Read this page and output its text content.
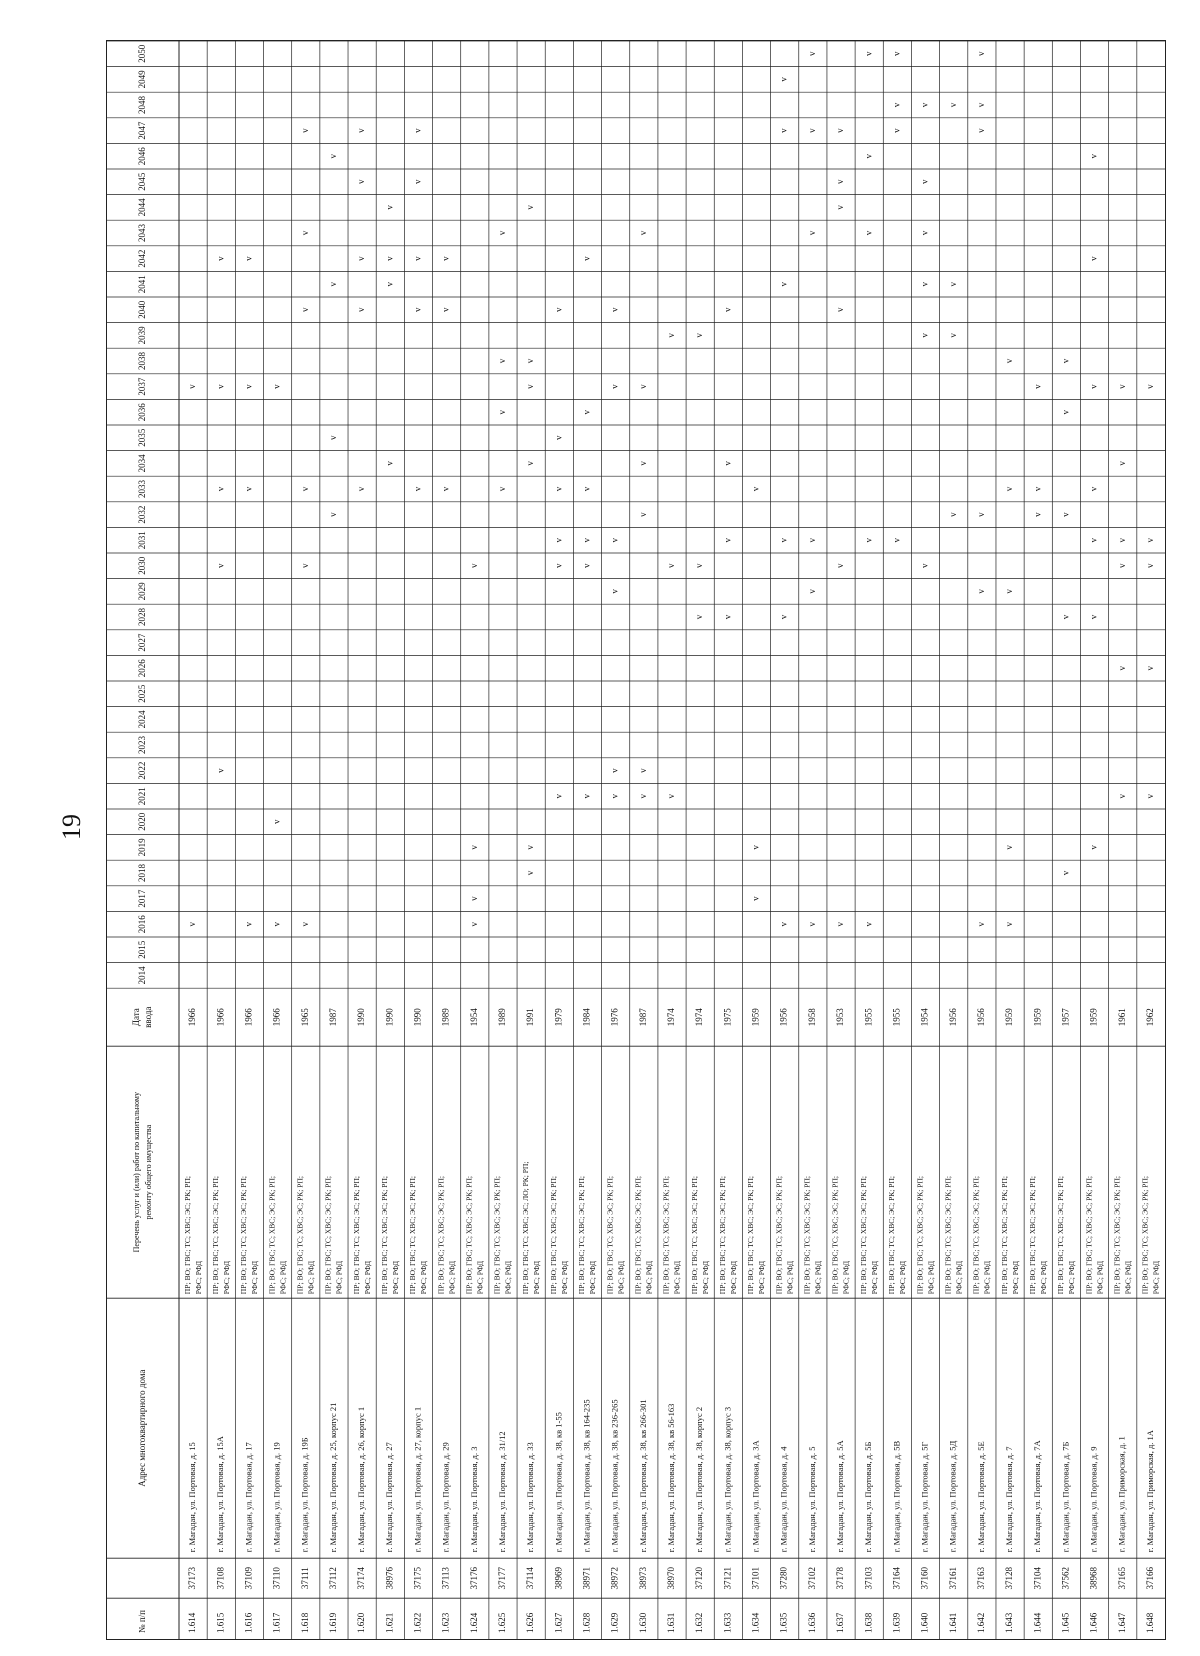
19
2014
2015
2016
2017
2018
2019
2020
2021
2022
2023
2024
2025
2026
2027
2028
2029
2030
2031
2032
2033
2034
2035
2036
2037
2038
2039
2040
2041
2042
2043
2044
2045
2046
2047
2048
2049
2050
Дата ввода
Перечень услуг и (или) работ по капитальному ремонту общего имущества
Адрес многоквартирного дома
№ п/п	1.614
37173
г. Магадан, ул. Портовая, д. 15
ПР; ВО; ГВС; ТС; ХВС; ЭС; РК; РП; РФС; РФД
1966
v
v
1.615
37108
г. Магадан, ул. Портовая, д. 15А
ПР; ВО; ГВС; ТС; ХВС; ЭС; РК; РП; РФС; РФД
1966
v
v
v
v
v
1.616
37109
г. Магадан, ул. Портовая, д. 17
ПР; ВО; ГВС; ТС; ХВС; ЭС; РК; РП; РФС; РФД
1966
v
v
v
v
1.617
37110
г. Магадан, ул. Портовая, д. 19
ПР; ВО; ГВС; ТС; ХВС; ЭС; РК; РП; РФС; РФД
1966
v
v
v
1.618
37111
г. Магадан, ул. Портовая, д. 19Б
ПР; ВО; ГВС; ТС; ХВС; ЭС; РК; РП; РФС; РФД
1965
v
v
v
v
v
v
1.619
37112
г. Магадан, ул. Портовая, д. 25, корпус 21
ПР; ВО; ГВС; ТС; ХВС; ЭС; РК; РП; РФС; РФД
1987
v
v
v
v
1.620
37174
г. Магадан, ул. Портовая, д. 26, корпус 1
ПР; ВО; ГВС; ТС; ХВС; ЭС; РК; РП; РФС; РФД
1990
v
v
v
v
v
1.621
38976
г. Магадан, ул. Портовая, д. 27
ПР; ВО; ГВС; ТС; ХВС; ЭС; РК; РП; РФС; РФД
1990
v
v
v
v
1.622
37175
г. Магадан, ул. Портовая, д. 27, корпус 1
ПР; ВО; ГВС; ТС; ХВС; ЭС; РК; РП; РФС; РФД
1990
v
v
v
v
v
1.623
37113
г. Магадан, ул. Портовая, д. 29
ПР; ВО; ГВС; ТС; ХВС; ЭС; РК; РП; РФС; РФД
1989
v
v
v
1.624
37176
г. Магадан, ул. Портовая, д. 3
ПР; ВО; ГВС; ТС; ХВС; ЭС; РК; РП; РФС; РФД
1954
v
v
v
v
1.625
37177
г. Магадан, ул. Портовая, д. 31/12
ПР; ВО; ГВС; ТС; ХВС; ЭС; РК; РП; РФС; РФД
1989
v
v
v
v
1.626
37114
г. Магадан, ул. Портовая, д. 33
ПР; ВО; ГВС; ТС; ХВС; ЭС; ЛО; РК; РП; РФС; РФД
1991
v
v
v
v
v
v
1.627
38969
г. Магадан, ул. Портовая, д. 38, кв 1-55
ПР; ВО; ГВС; ТС; ХВС; ЭС; РК; РП; РФС; РФД
1979
v
v
v
v
v
v
1.628
38971
г. Магадан, ул. Портовая, д. 38, кв 164-235
ПР; ВО; ГВС; ТС; ХВС; ЭС; РК; РП; РФС; РФД
1984
v
v
v
v
v
v
1.629
38972
г. Магадан, ул. Портовая, д. 38, кв 236-265
ПР; ВО; ГВС; ТС; ХВС; ЭС; РК; РП; РФС; РФД
1976
v
v
v
v
v
v
1.630
38973
г. Магадан, ул. Портовая, д. 38, кв 266-301
ПР; ВО; ГВС; ТС; ХВС; ЭС; РК; РП; РФС; РФД
1987
v
v
v
v
v
v
1.631
38970
г. Магадан, ул. Портовая, д. 38, кв 56-163
ПР; ВО; ГВС; ТС; ХВС; ЭС; РК; РП; РФС; РФД
1974
v
v
v
1.632
37120
г. Магадан, ул. Портовая, д. 38, корпус 2
ПР; ВО; ГВС; ТС; ХВС; ЭС; РК; РП; РФС; РФД
1974
v
v
v
1.633
37121
г. Магадан, ул. Портовая, д. 38, корпус 3
ПР; ВО; ГВС; ТС; ХВС; ЭС; РК; РП; РФС; РФД
1975
v
v
v
v
1.634
37101
г. Магадан, ул. Портовая, д. 3А
ПР; ВО; ГВС; ТС; ХВС; ЭС; РК; РП; РФС; РФД
1959
v
v
v
1.635
37280
г. Магадан, ул. Портовая, д. 4
ПР; ВО; ГВС; ТС; ХВС; ЭС; РК; РП; РФС; РФД
1956
v
v
v
v
v
v
1.636
37102
г. Магадан, ул. Портовая, д. 5
ПР; ВО; ГВС; ТС; ХВС; ЭС; РК; РП; РФС; РФД
1958
v
v
v
v
v
v
1.637
37178
г. Магадан, ул. Портовая, д. 5А
ПР; ВО; ГВС; ТС; ХВС; ЭС; РК; РП; РФС; РФД
1953
v
v
v
v
v
v
1.638
37103
г. Магадан, ул. Портовая, д. 5Б
ПР; ВО; ГВС; ТС; ХВС; ЭС; РК; РП; РФС; РФД
1955
v
v
v
v
v
1.639
37164
г. Магадан, ул. Портовая, д. 5В
ПР; ВО; ГВС; ТС; ХВС; ЭС; РК; РП; РФС; РФД
1955
v
v
v
v
1.640
37160
г. Магадан, ул. Портовая, д. 5Г
ПР; ВО; ГВС; ТС; ХВС; ЭС; РК; РП; РФС; РФД
1954
v
v
v
v
v
v
1.641
37161
г. Магадан, ул. Портовая, д. 5Д
ПР; ВО; ГВС; ТС; ХВС; ЭС; РК; РП; РФС; РФД
1956
v
v
v
v
1.642
37163
г. Магадан, ул. Портовая, д. 5Е
ПР; ВО; ГВС; ТС; ХВС; ЭС; РК; РП; РФС; РФД
1956
v
v
v
v
v
v
1.643
37128
г. Магадан, ул. Портовая, д. 7
ПР; ВО; ГВС; ТС; ХВС; ЭС; РК; РП; РФС; РФД
1959
v
v
v
v
v
1.644
37104
г. Магадан, ул. Портовая, д. 7А
ПР; ВО; ГВС; ТС; ХВС; ЭС; РК; РП; РФС; РФД
1959
v
v
v
1.645
37562
г. Магадан, ул. Портовая, д. 7Б
ПР; ВО; ГВС; ТС; ХВС; ЭС; РК; РП; РФС; РФД
1957
v
v
v
v
v
1.646
38968
г. Магадан, ул. Портовая, д. 9
ПР; ВО; ГВС; ТС; ХВС; ЭС; РК; РП; РФС; РФД
1959
v
v
v
v
v
v
v
1.647
37165
г. Магадан, ул. Приморская, д. 1
ПР; ВО; ГВС; ТС; ХВС; ЭС; РК; РП; РФС; РФД
1961
v
v
v
v
v
v
1.648
37166
г. Магадан, ул. Приморская, д. 1А
ПР; ВО; ГВС; ТС; ХВС; ЭС; РК; РП; РФС; РФД
1962
v
v
v
v
v
